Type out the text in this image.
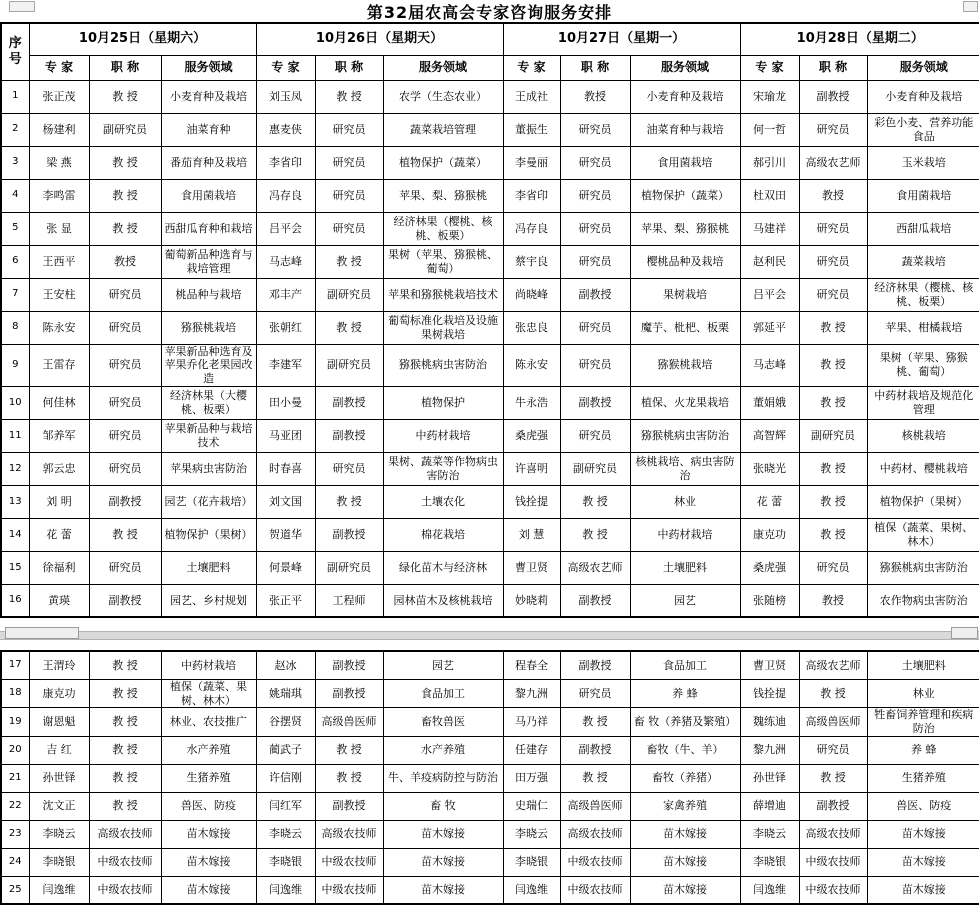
第32届农高会专家咨询服务安排
序号	10月25日（星期六）			10月26日（星期天）			10月27日（星期一）			10月28日（星期二）		
	专 家	职 称	服务领域	专 家	职 称	服务领域	专 家	职 称	服务领域	专 家	职 称	服务领域
1	张正茂	教 授	小麦育种及栽培	刘玉凤	教 授	农学（生态农业）	王成社	教授	小麦育种及栽培	宋瑜龙	副教授	小麦育种及栽培
2	杨建利	副研究员	油菜育种	惠麦侠	研究员	蔬菜栽培管理	董振生	研究员	油菜育种与栽培	何一哲	研究员	彩色小麦、营养功能食品
3	梁 燕	教 授	番茄育种及栽培	李省印	研究员	植物保护（蔬菜）	李曼丽	研究员	食用菌栽培	郝引川	高级农艺师	玉米栽培
4	李鸣雷	教 授	食用菌栽培	冯存良	研究员	苹果、梨、猕猴桃	李省印	研究员	植物保护（蔬菜）	杜双田	教授	食用菌栽培
5	张 显	教 授	西甜瓜育种和栽培	吕平会	研究员	经济林果（樱桃、核桃、板栗）	冯存良	研究员	苹果、梨、猕猴桃	马建祥	研究员	西甜瓜栽培
6	王西平	教授	葡萄新品种选育与栽培管理	马志峰	教 授	果树（苹果、猕猴桃、葡萄）	蔡宇良	研究员	樱桃品种及栽培	赵利民	研究员	蔬菜栽培
7	王安柱	研究员	桃品种与栽培	邓丰产	副研究员	苹果和猕猴桃栽培技术	尚晓峰	副教授	果树栽培	吕平会	研究员	经济林果（樱桃、核桃、板栗）
8	陈永安	研究员	猕猴桃栽培	张朝红	教 授	葡萄标准化栽培及设施果树栽培	张忠良	研究员	魔芋、枇杷、板栗	郭延平	教 授	苹果、柑橘栽培
9	王雷存	研究员	苹果新品种选育及苹果乔化老果园改造	李建军	副研究员	猕猴桃病虫害防治	陈永安	研究员	猕猴桃栽培	马志峰	教 授	果树（苹果、猕猴桃、葡萄）
10	何佳林	研究员	经济林果（大樱桃、板栗）	田小曼	副教授	植物保护	牛永浩	副教授	植保、火龙果栽培	董娟娥	教 授	中药材栽培及规范化管理
11	邹养军	研究员	苹果新品种与栽培技术	马亚团	副教授	中药材栽培	桑虎强	研究员	猕猴桃病虫害防治	高智辉	副研究员	核桃栽培
12	郭云忠	研究员	苹果病虫害防治	时春喜	研究员	果树、蔬菜等作物病虫害防治	许喜明	副研究员	核桃栽培、病虫害防治	张晓光	教 授	中药材、樱桃栽培
13	刘 明	副教授	园艺（花卉栽培）	刘文国	教 授	土壤农化	钱拴提	教 授	林业	花 蕾	教 授	植物保护（果树）
14	花 蕾	教 授	植物保护（果树）	贺道华	副教授	棉花栽培	刘 慧	教 授	中药材栽培	康克功	教 授	植保（蔬菜、果树、林木）
15	徐福利	研究员	土壤肥料	何景峰	副研究员	绿化苗木与经济林	曹卫贤	高级农艺师	土壤肥料	桑虎强	研究员	猕猴桃病虫害防治
16	黄瑛	副教授	园艺、乡村规划	张正平	工程师	园林苗木及核桃栽培	妙晓莉	副教授	园艺	张随榜	教授	农作物病虫害防治
17	王渭玲	教 授	中药材栽培	赵冰	副教授	园艺	程春全	副教授	食品加工	曹卫贤	高级农艺师	土壤肥料
18	康克功	教 授	植保（蔬菜、果树、林木）	姚瑞琪	副教授	食品加工	黎九洲	研究员	养 蜂	钱拴提	教 授	林业
19	谢恩魁	教 授	林业、农技推广	谷摆贤	高级兽医师	畜牧兽医	马乃祥	教 授	畜 牧（养猪及繁殖）	魏练迪	高级兽医师	牲畜饲养管理和疾病防治
20	吉 红	教 授	水产养殖	蔺武子	教 授	水产养殖	任建存	副教授	畜牧（牛、羊）	黎九洲	研究员	养 蜂
21	孙世铎	教 授	生猪养殖	许信刚	教 授	牛、羊疫病防控与防治	田万强	教 授	畜牧（养猪）	孙世铎	教 授	生猪养殖
22	沈文正	教 授	兽医、防疫	闫红军	副教授	畜 牧	史瑞仁	高级兽医师	家禽养殖	薛增迪	副教授	兽医、防疫
23	李晓云	高级农技师	苗木嫁接	李晓云	高级农技师	苗木嫁接	李晓云	高级农技师	苗木嫁接	李晓云	高级农技师	苗木嫁接
24	李晓银	中级农技师	苗木嫁接	李晓银	中级农技师	苗木嫁接	李晓银	中级农技师	苗木嫁接	李晓银	中级农技师	苗木嫁接
25	闫逸维	中级农技师	苗木嫁接	闫逸维	中级农技师	苗木嫁接	闫逸维	中级农技师	苗木嫁接	闫逸维	中级农技师	苗木嫁接
